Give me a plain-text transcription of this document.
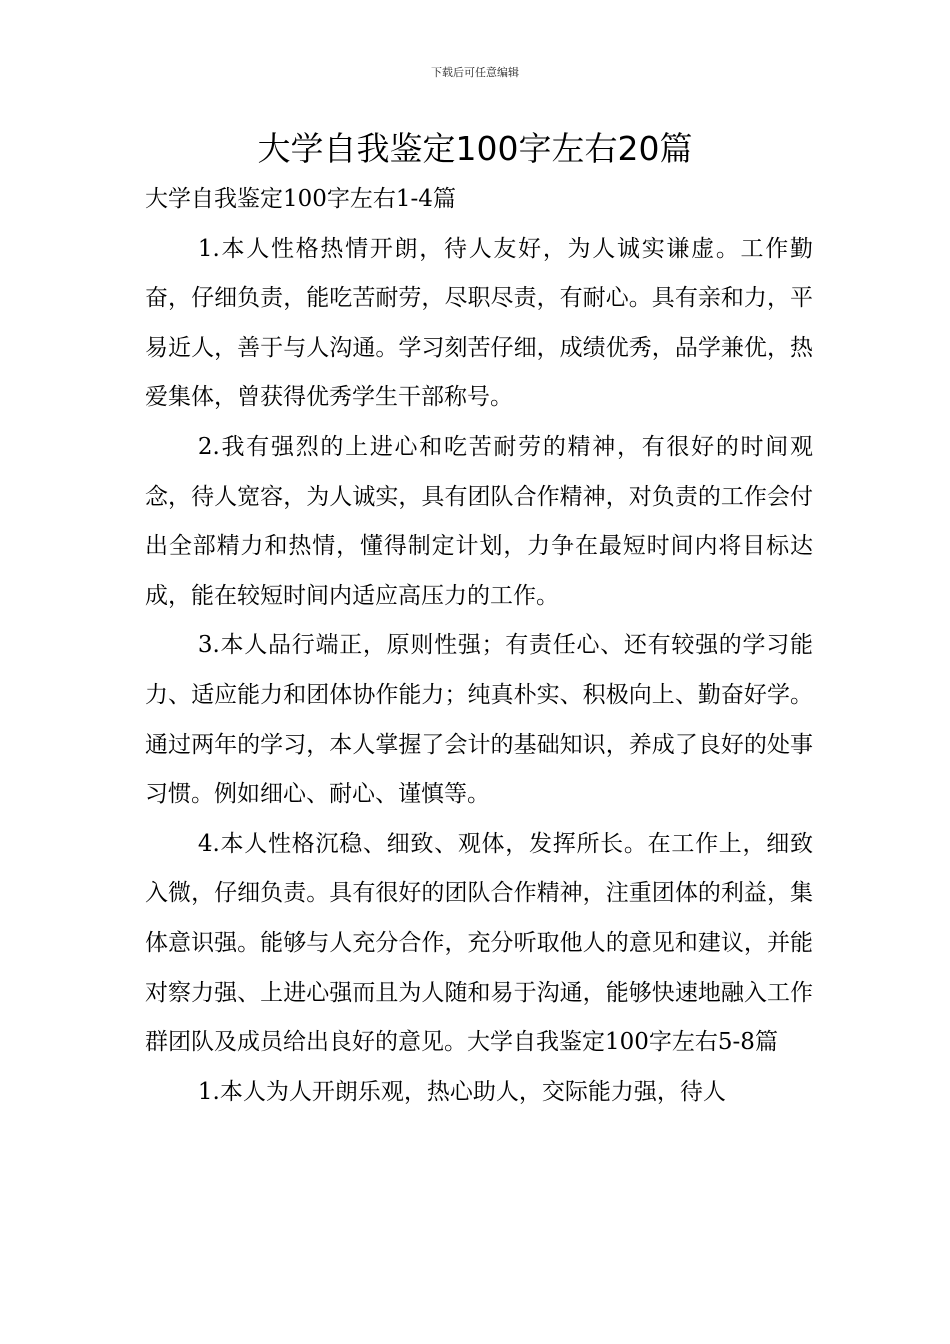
下载后可任意编辑
大学自我鉴定100字左右20篇

大学自我鉴定100字左右1-4篇

1.本人性格热情开朗，待人友好，为人诚实谦虚。工作勤奋，仔细负责，能吃苦耐劳，尽职尽责，有耐心。具有亲和力，平易近人，善于与人沟通。学习刻苦仔细，成绩优秀，品学兼优，热爱集体，曾获得优秀学生干部称号。

2.我有强烈的上进心和吃苦耐劳的精神，有很好的时间观念，待人宽容，为人诚实，具有团队合作精神，对负责的工作会付出全部精力和热情，懂得制定计划，力争在最短时间内将目标达成，能在较短时间内适应高压力的工作。

3.本人品行端正，原则性强；有责任心、还有较强的学习能力、适应能力和团体协作能力；纯真朴实、积极向上、勤奋好学。通过两年的学习，本人掌握了会计的基础知识，养成了良好的处事习惯。例如细心、耐心、谨慎等。

4.本人性格沉稳、细致、观体，发挥所长。在工作上，细致入微，仔细负责。具有很好的团队合作精神，注重团体的利益，集体意识强。能够与人充分合作，充分听取他人的意见和建议，并能对察力强、上进心强而且为人随和易于沟通，能够快速地融入工作群团队及成员给出良好的意见。大学自我鉴定100字左右5-8篇

1.本人为人开朗乐观，热心助人，交际能力强，待人
